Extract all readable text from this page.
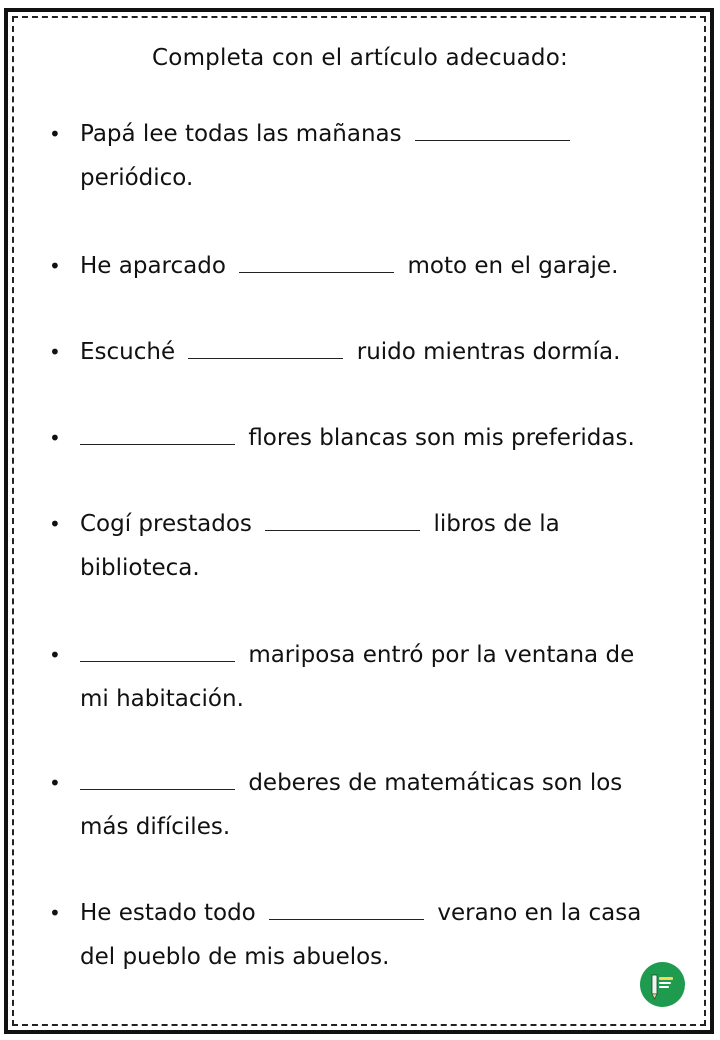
Completa con el artículo adecuado:
• Papá lee todas las mañanas
periódico.
• He aparcado	moto en el garaje.
• Escuché	ruido mientras dormía.
•	flores blancas son mis preferidas.
• Cogí prestados	libros de la biblioteca.
•	mariposa entró por la ventana de mi habitación.
•	deberes de matemáticas son los más difíciles.
• He estado todo	verano en la casa del pueblo de mis abuelos.
